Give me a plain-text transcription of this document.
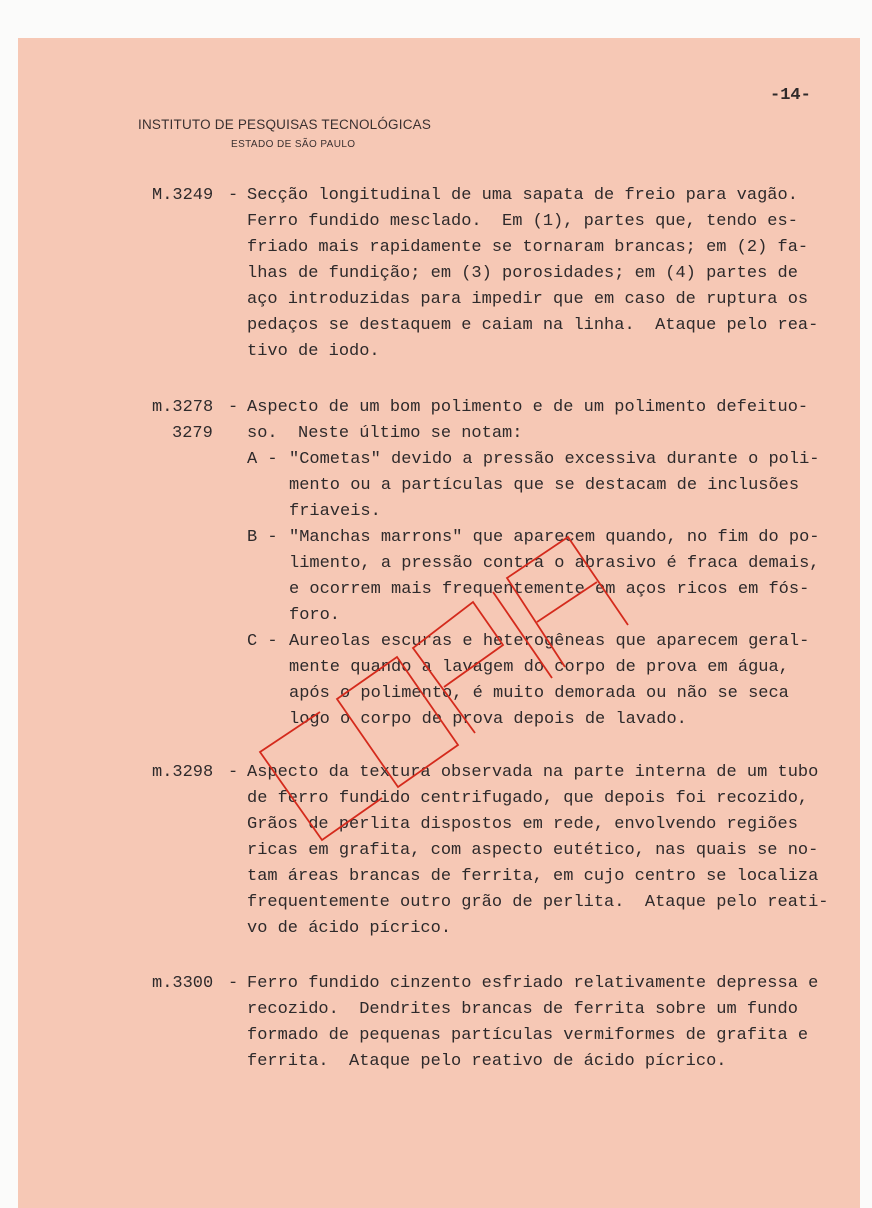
INSTITUTO DE PESQUISAS TECNOLÓGICAS
ESTADO DE SÃO PAULO
-14-
M.3249 - Secção longitudinal de uma sapata de freio para vagão.
Ferro fundido mesclado.  Em (1), partes que, tendo es-
friado mais rapidamente se tornaram brancas; em (2) fa-
lhas de fundição; em (3) porosidades; em (4) partes de
aço introduzidas para impedir que em caso de ruptura os
pedaços se destaquem e caiam na linha.  Ataque pelo rea-
tivo de iodo.
m.3278
3279
- Aspecto de um bom polimento e de um polimento defeituo-
so.  Neste último se notam:
A - "Cometas" devido a pressão excessiva durante o poli-
mento ou a partículas que se destacam de inclusões
friaveis.
B - "Manchas marrons" que aparecem quando, no fim do po-
limento, a pressão contra o abrasivo é fraca demais,
e ocorrem mais frequentemente em aços ricos em fós-
foro.
C - Aureolas escuras e heterogêneas que aparecem geral-
mente quando a lavagem do corpo de prova em água,
após o polimento, é muito demorada ou não se seca
logo o corpo de prova depois de lavado.
m.3298 - Aspecto da textura observada na parte interna de um tubo
de ferro fundido centrifugado, que depois foi recozido,
Grãos de perlita dispostos em rede, envolvendo regiões
ricas em grafita, com aspecto eutético, nas quais se no-
tam áreas brancas de ferrita, em cujo centro se localiza
frequentemente outro grão de perlita.  Ataque pelo reati-
vo de ácido pícrico.
m.3300 - Ferro fundido cinzento esfriado relativamente depressa e
recozido.  Dendrites brancas de ferrita sobre um fundo
formado de pequenas partículas vermiformes de grafita e
ferrita.  Ataque pelo reativo de ácido pícrico.
